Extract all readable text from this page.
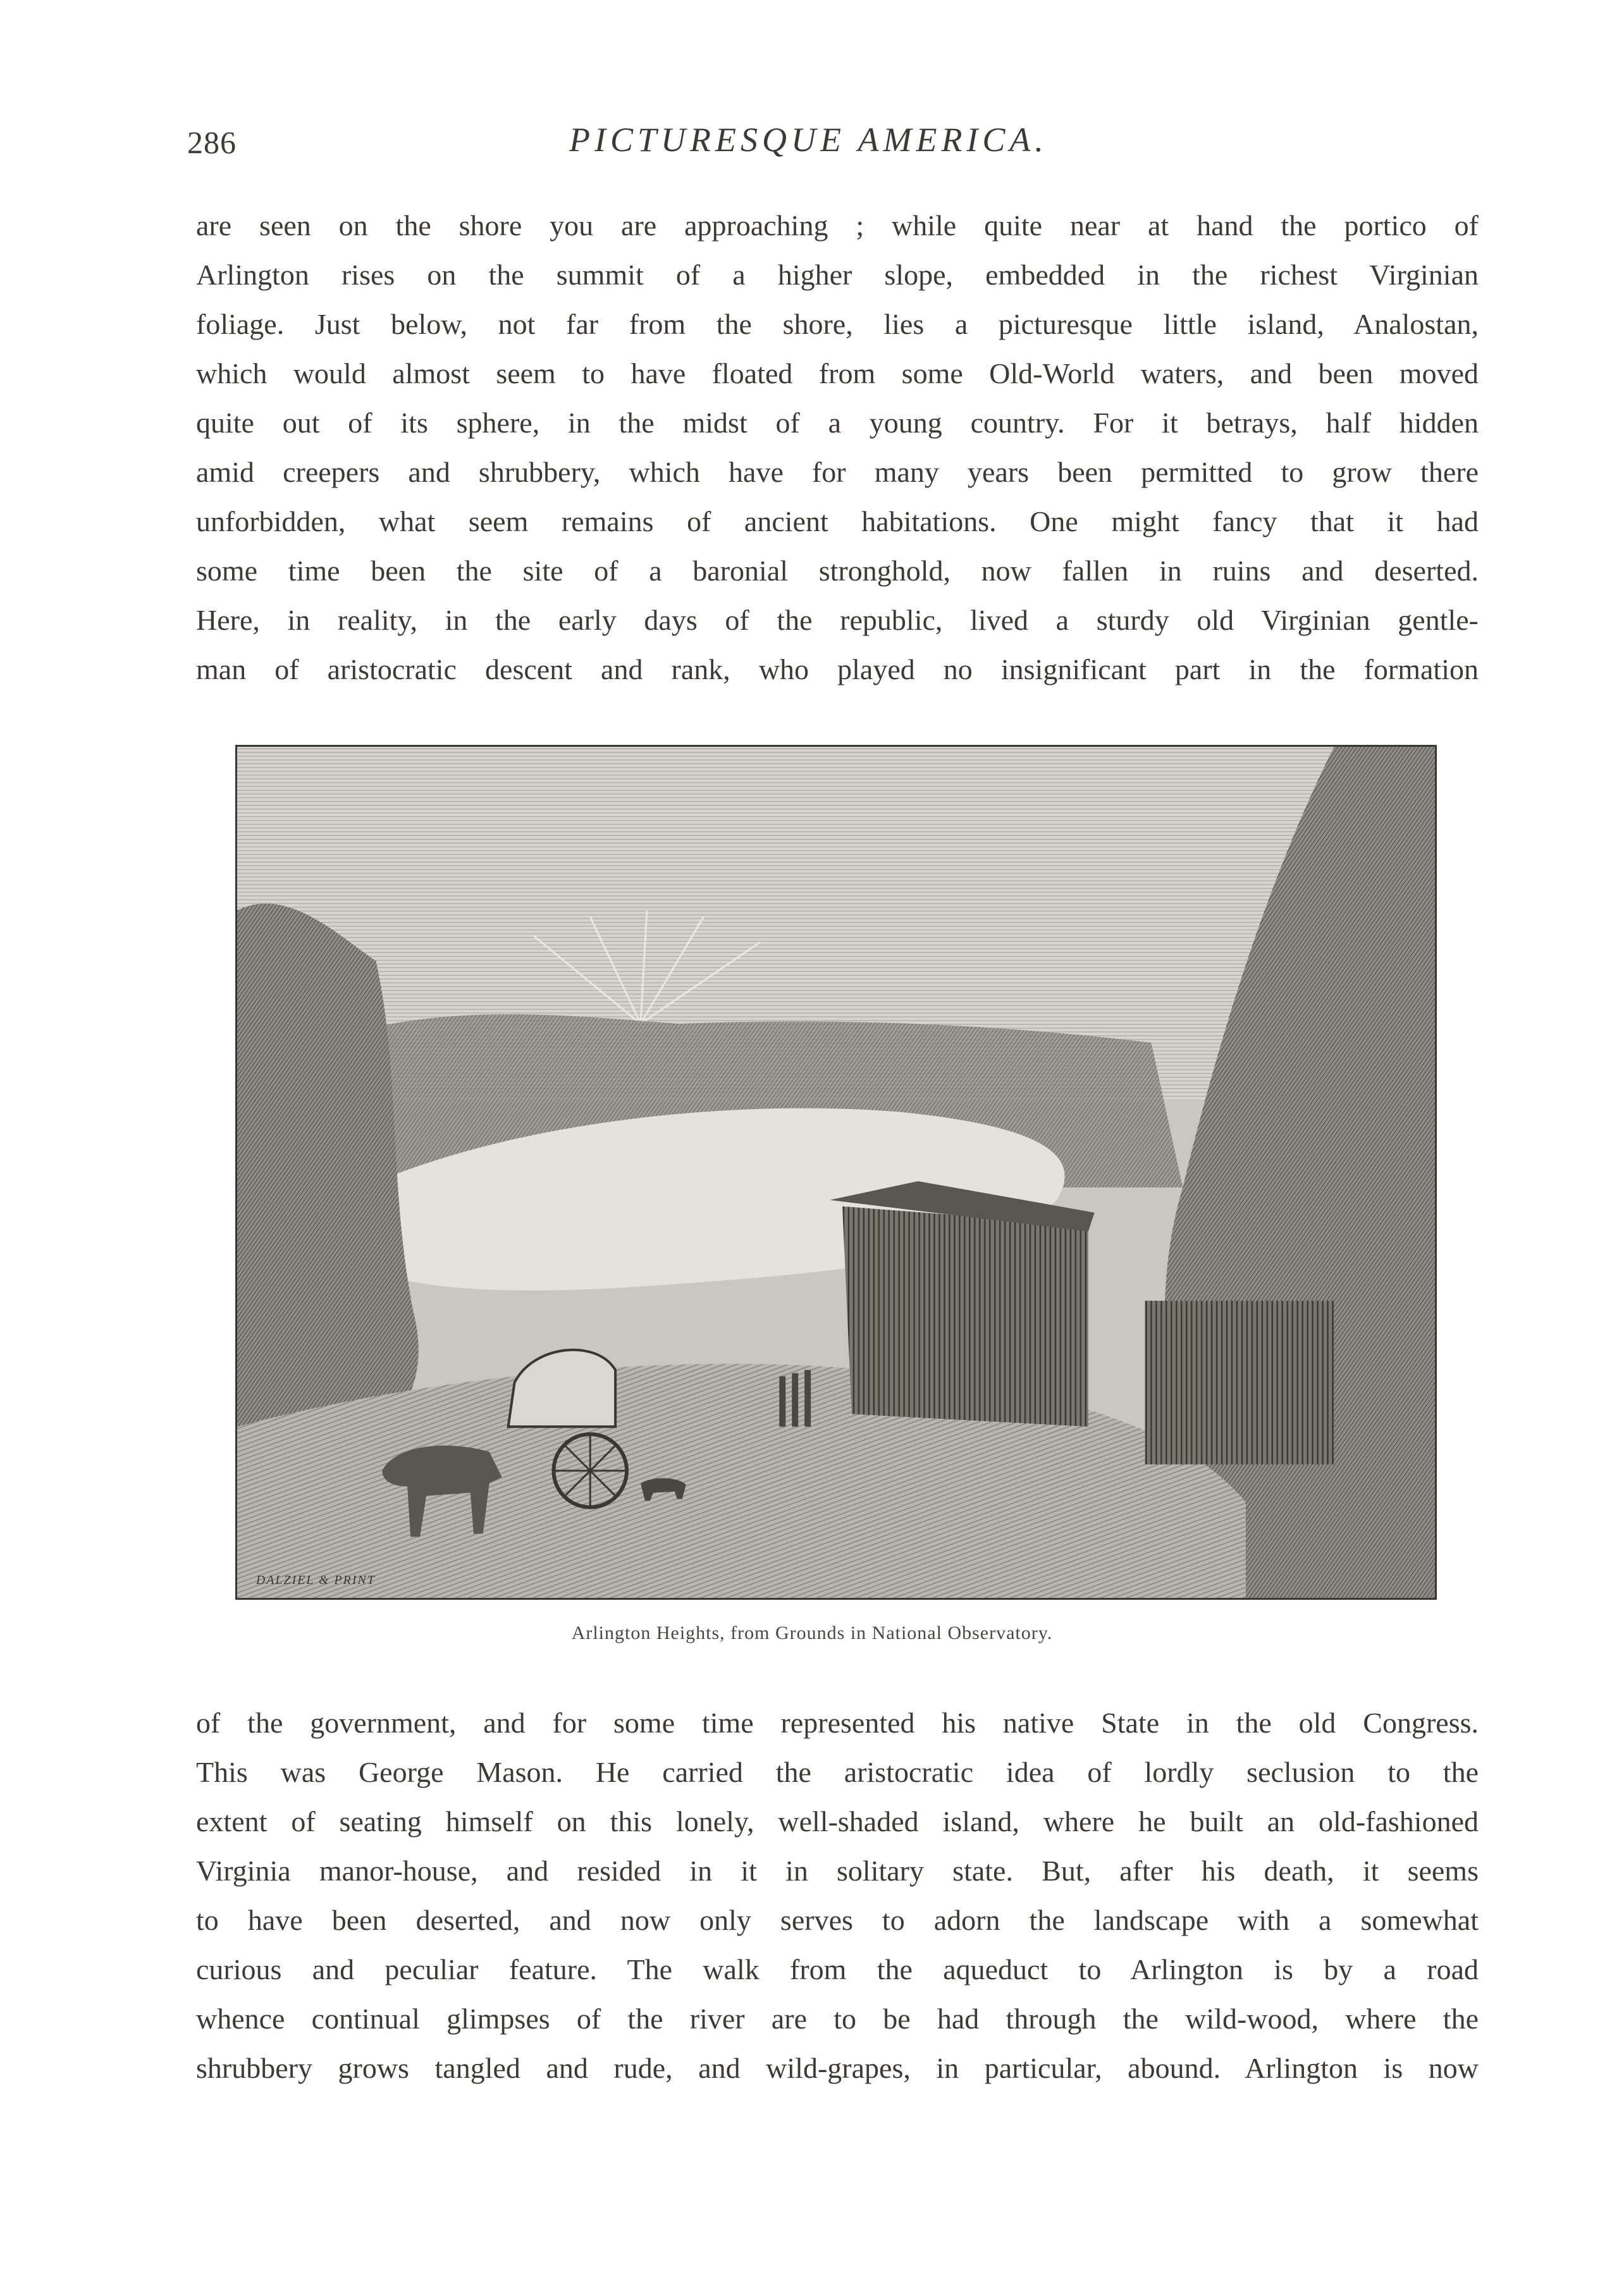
286	PICTURESQUE AMERICA.
are seen on the shore you are approaching ; while quite near at hand the portico of
Arlington rises on the summit of a higher slope, embedded in the richest Virginian
foliage. Just below, not far from the shore, lies a picturesque little island, Analostan,
which would almost seem to have floated from some Old-World waters, and been moved
quite out of its sphere, in the midst of a young country. For it betrays, half hidden
amid creepers and shrubbery, which have for many years been permitted to grow there
unforbidden, what seem remains of ancient habitations. One might fancy that it had
some time been the site of a baronial stronghold, now fallen in ruins and deserted.
Here, in reality, in the early days of the republic, lived a sturdy old Virginian gentle-
man of aristocratic descent and rank, who played no insignificant part in the formation
DALZIEL & PRINT
Arlington Heights, from Grounds in National Observatory.
of the government, and for some time represented his native State in the old Congress.
This was George Mason. He carried the aristocratic idea of lordly seclusion to the
extent of seating himself on this lonely, well-shaded island, where he built an old-fashioned
Virginia manor-house, and resided in it in solitary state. But, after his death, it seems
to have been deserted, and now only serves to adorn the landscape with a somewhat
curious and peculiar feature. The walk from the aqueduct to Arlington is by a road
whence continual glimpses of the river are to be had through the wild-wood, where the
shrubbery grows tangled and rude, and wild-grapes, in particular, abound. Arlington is now
